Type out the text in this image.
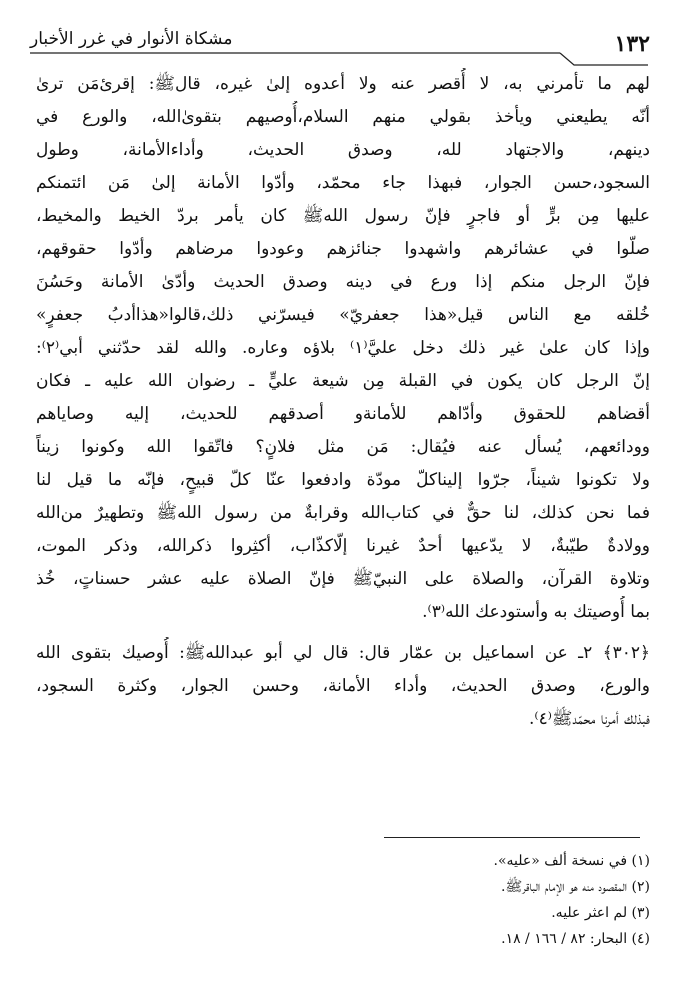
١٣٢
مشكاة الأنوار في غرر الأخبار
لهم ما تأمرني به، لا أُقصر عنه ولا أعدوه إلىٰ غيره، قال‏ﷺ: إقرئ‌مَن ترىٰ
أنّه يطيعني ويأخذ بقولي منهم السلام،أُوصيهم بتقوىٰ‌الله، والورع في
دينهم، والاجتهاد لله، وصدق الحديث، وأداءالأمانة، وطول
السجود،حسن الجوار، فبهذا جاء محمّد، وأدّوا الأمانة إلىٰ مَن ائتمنكم
عليها مِن برٍّ أو فاجرٍ فإنّ رسول الله‏ﷺ كان يأمر بردّ الخيط والمخيط،
صلّوا في عشائرهم واشهدوا جنائزهم وعودوا مرضاهم وأدّوا حقوقهم،
فإنّ الرجل منكم إذا ورع في دينه وصدق الحديث وأدّىٰ الأمانة وحَسُنَ
خُلقه مع الناس قيل«هذا جعفريّ» فيسرّني ذلك،قالوا«هذاأدبُ جعفرٍ»
وإذا كان علىٰ غير ذلك دخل عليَّ⁽١⁾ بلاؤه وعاره. والله لقد حدّثني أبي⁽٢⁾:
إنّ الرجل كان يكون في القبلة مِن شيعة عليٍّ ـ رضوان الله عليه ـ فكان
أقضاهم للحقوق وأدّاهم للأمانةو أصدقهم للحديث، إليه وصاياهم
وودائعهم، يُسأل عنه فيُقال: مَن مثل فلانٍ؟ فاتّقوا الله وكونوا زيناً
ولا تكونوا شيناً، جرّوا إليناكلّ مودّة وادفعوا عنّا كلّ قبيحٍ، فإنّه ما قيل لنا
فما نحن كذلك، لنا حقٌّ في كتاب‌الله وقرابةٌ من رسول الله‏ﷺ وتطهيرٌ من‌الله
وولادةٌ طيّبةٌ، لا يدّعيها أحدٌ غيرنا إلّاكذّاب، أكثِروا ذكرالله، وذكر الموت،
وتلاوة القرآن، والصلاة على النبيّ‏ﷺ فإنّ الصلاة عليه عشر حسناتٍ، خُذ
بما أُوصيتك به وأستودعك الله⁽٣⁾.
﴿٣٠٢﴾ ٢ـ عن اسماعيل بن عمّار قال: قال لي أبو عبدالله‏ﷺ: أُوصيك بتقوى الله
والورع، وصدق الحديث، وأداء الأمانة، وحسن الجوار، وكثرة السجود،
فبذلك أمرنا محمّد‏ﷺ⁽٤⁾.
(١) في نسخة ألف «عليه».
(٢) المقصود منه هو الإمام الباقر‏ﷺ.
(٣) لم اعثر عليه.
(٤) البحار: ٨٢ / ١٦٦ / ١٨.
